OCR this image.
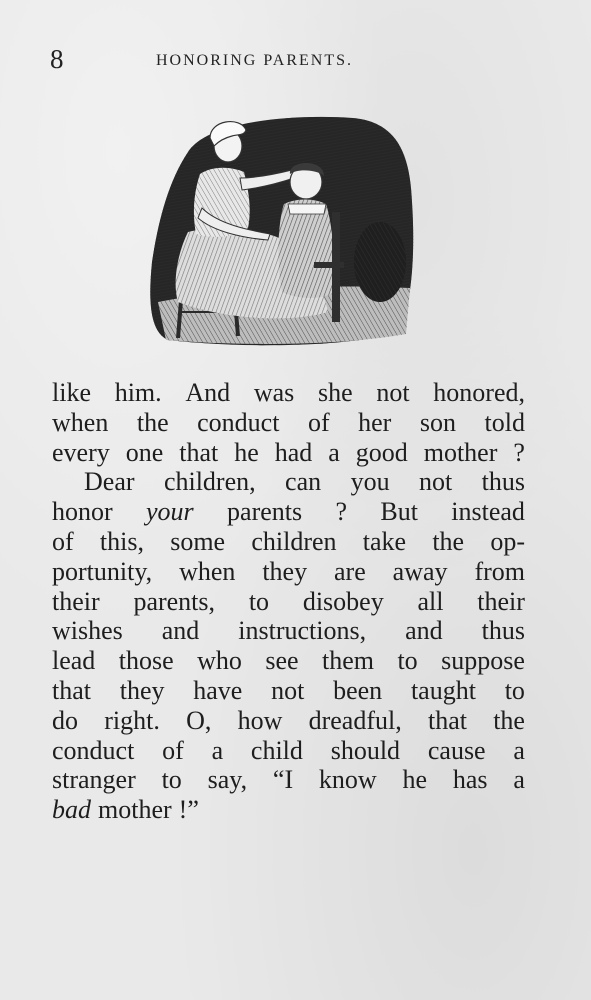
8	HONORING PARENTS.
like him. And was she not honored,
when the conduct of her son told
every one that he had a good mother ?
Dear children, can you not thus
honor your parents ? But instead
of this, some children take the op-
portunity, when they are away from
their parents, to disobey all their
wishes and instructions, and thus
lead those who see them to suppose
that they have not been taught to
do right. O, how dreadful, that the
conduct of a child should cause a
stranger to say, “I know he has a
bad mother !”
